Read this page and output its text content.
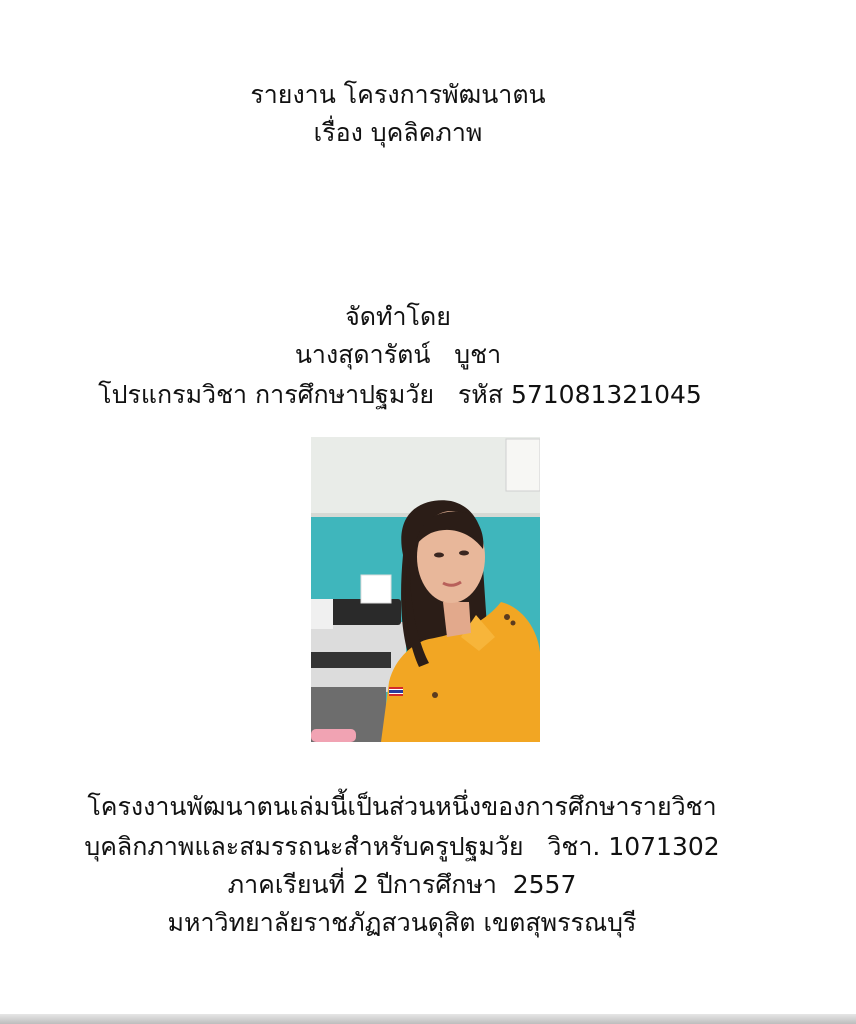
รายงาน โครงการพัฒนาตน
เรื่อง บุคลิคภาพ
จัดทำโดย
นางสุดารัตน์   บูชา
โปรแกรมวิชา การศึกษาปฐมวัย   รหัส 571081321045
โครงงานพัฒนาตนเล่มนี้เป็นส่วนหนึ่งของการศึกษารายวิชา
บุคลิกภาพและสมรรถนะสำหรับครูปฐมวัย   วิชา. 1071302
ภาคเรียนที่ 2 ปีการศึกษา  2557
มหาวิทยาลัยราชภัฏสวนดุสิต เขตสุพรรณบุรี
